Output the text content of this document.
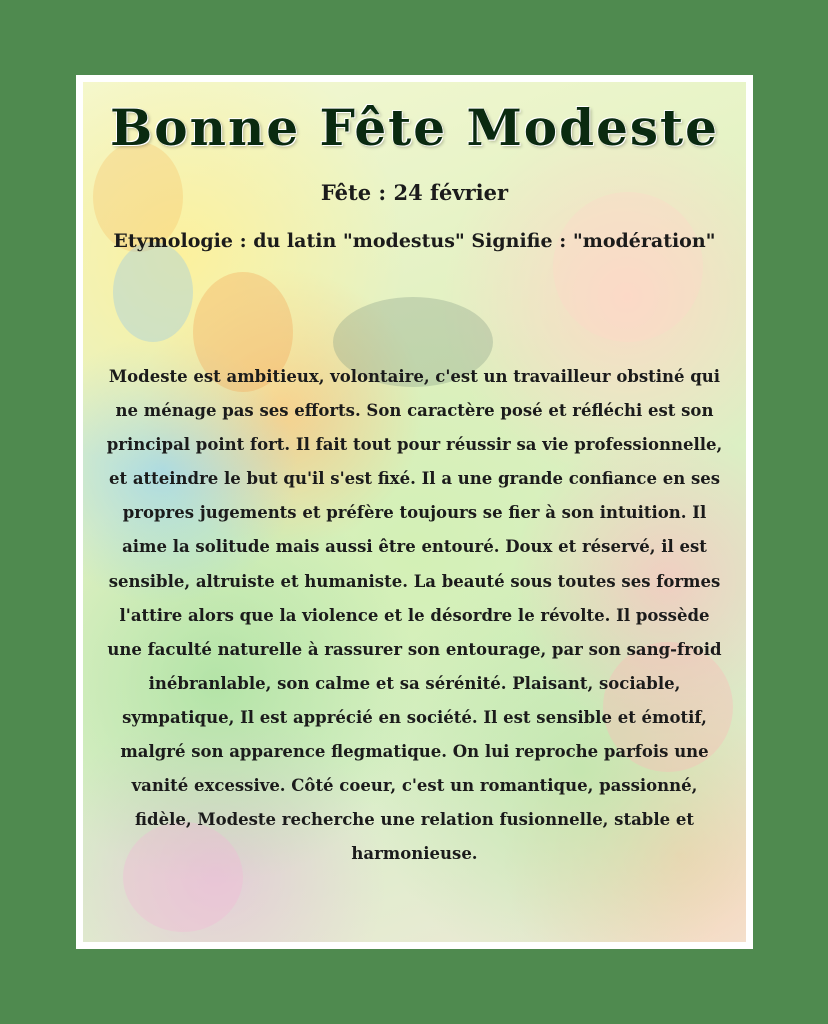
Bonne Fête Modeste
Fête : 24 février
Etymologie : du latin "modestus" Signifie : "modération"
Modeste est ambitieux, volontaire, c'est un travailleur obstiné qui ne ménage pas ses efforts. Son caractère posé et réfléchi est son principal point fort. Il fait tout pour réussir sa vie professionnelle, et atteindre le but qu'il s'est fixé. Il a une grande confiance en ses propres jugements et préfère toujours se fier à son intuition. Il aime la solitude mais aussi être entouré. Doux et réservé, il est sensible, altruiste et humaniste. La beauté sous toutes ses formes l'attire alors que la violence et le désordre le révolte. Il possède une faculté naturelle à rassurer son entourage, par son sang-froid inébranlable, son calme et sa sérénité. Plaisant, sociable, sympatique, Il est apprécié en société. Il est sensible et émotif, malgré son apparence flegmatique. On lui reproche parfois une vanité excessive. Côté coeur, c'est un romantique, passionné, fidèle, Modeste recherche une relation fusionnelle, stable et harmonieuse.
